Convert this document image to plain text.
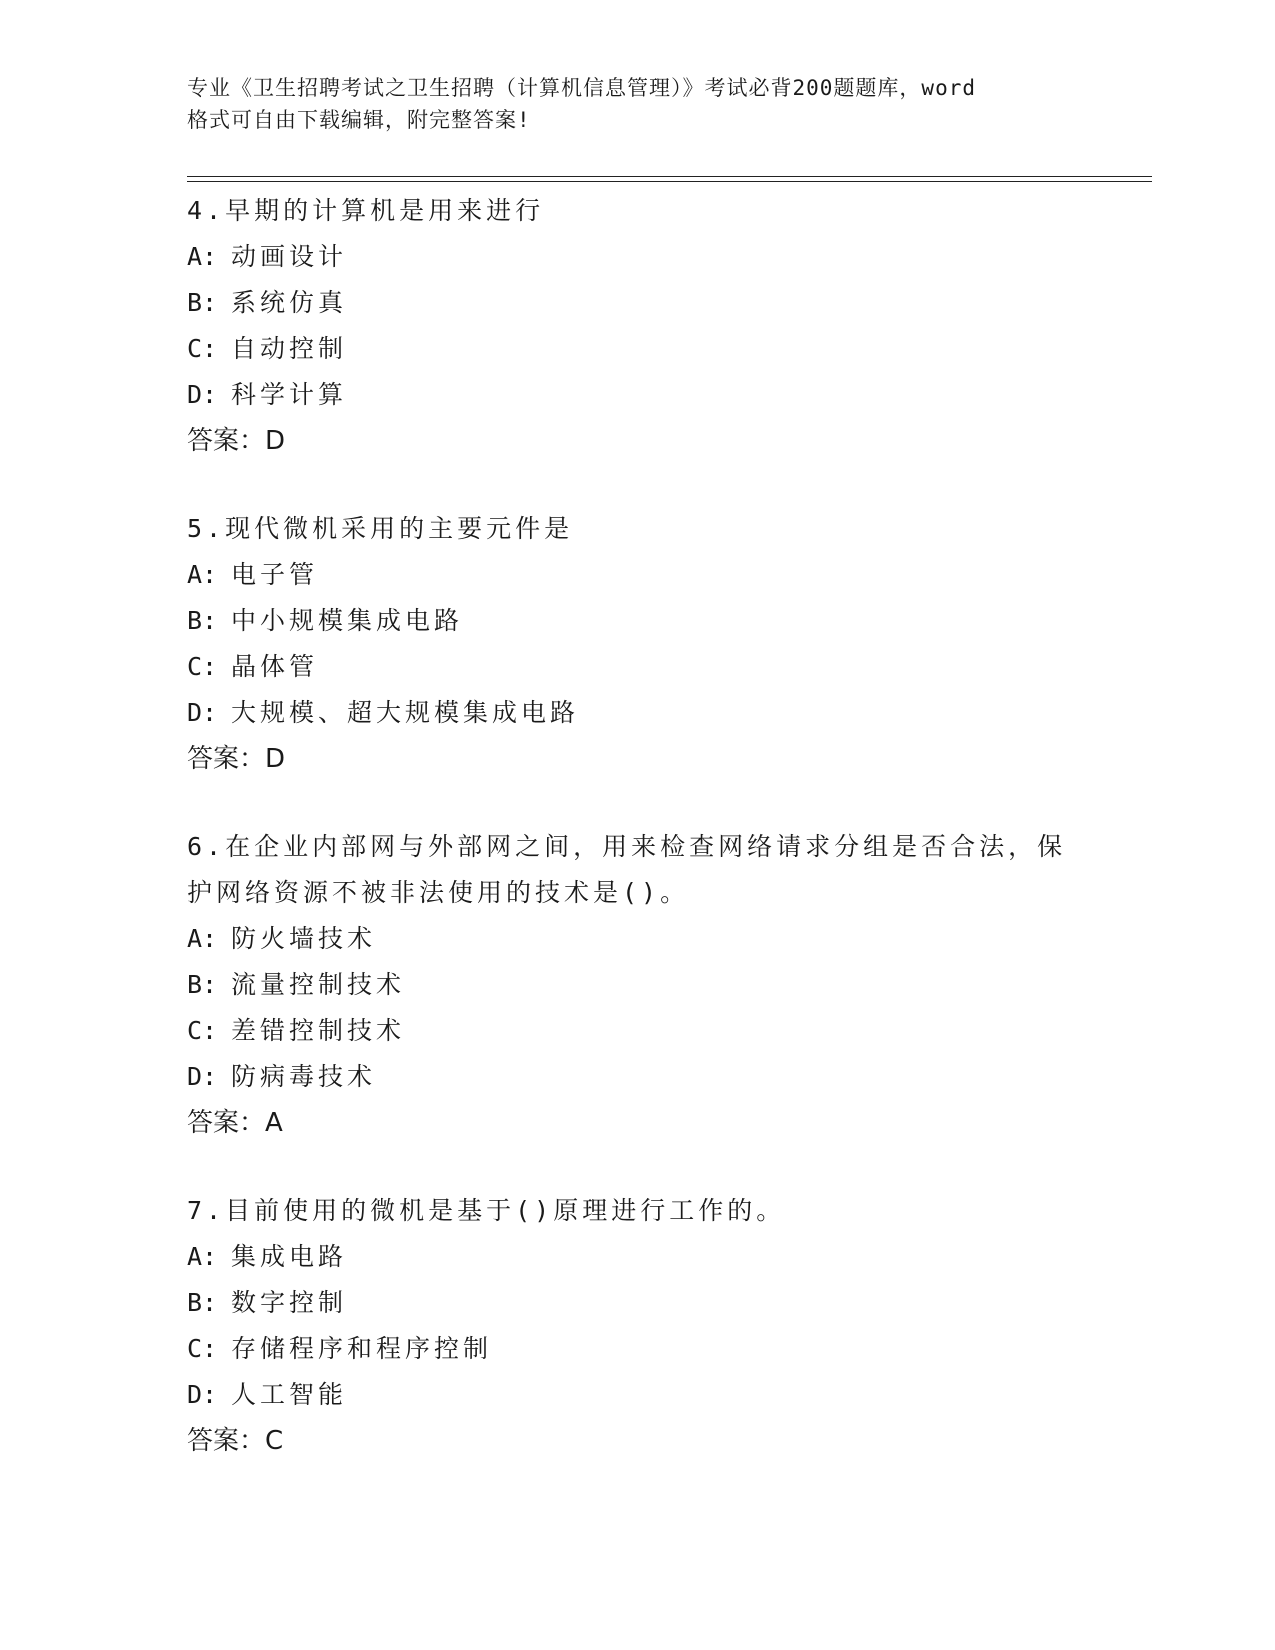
专业《卫生招聘考试之卫生招聘（计算机信息管理）》考试必背200题题库，word
格式可自由下载编辑，附完整答案!
4.早期的计算机是用来进行
A: 动画设计
B: 系统仿真
C: 自动控制
D: 科学计算
答案：D
5.现代微机采用的主要元件是
A: 电子管
B: 中小规模集成电路
C: 晶体管
D: 大规模、超大规模集成电路
答案：D
6.在企业内部网与外部网之间，用来检查网络请求分组是否合法，保
护网络资源不被非法使用的技术是()。
A: 防火墙技术
B: 流量控制技术
C: 差错控制技术
D: 防病毒技术
答案：A
7.目前使用的微机是基于()原理进行工作的。
A: 集成电路
B: 数字控制
C: 存储程序和程序控制
D: 人工智能
答案：C
